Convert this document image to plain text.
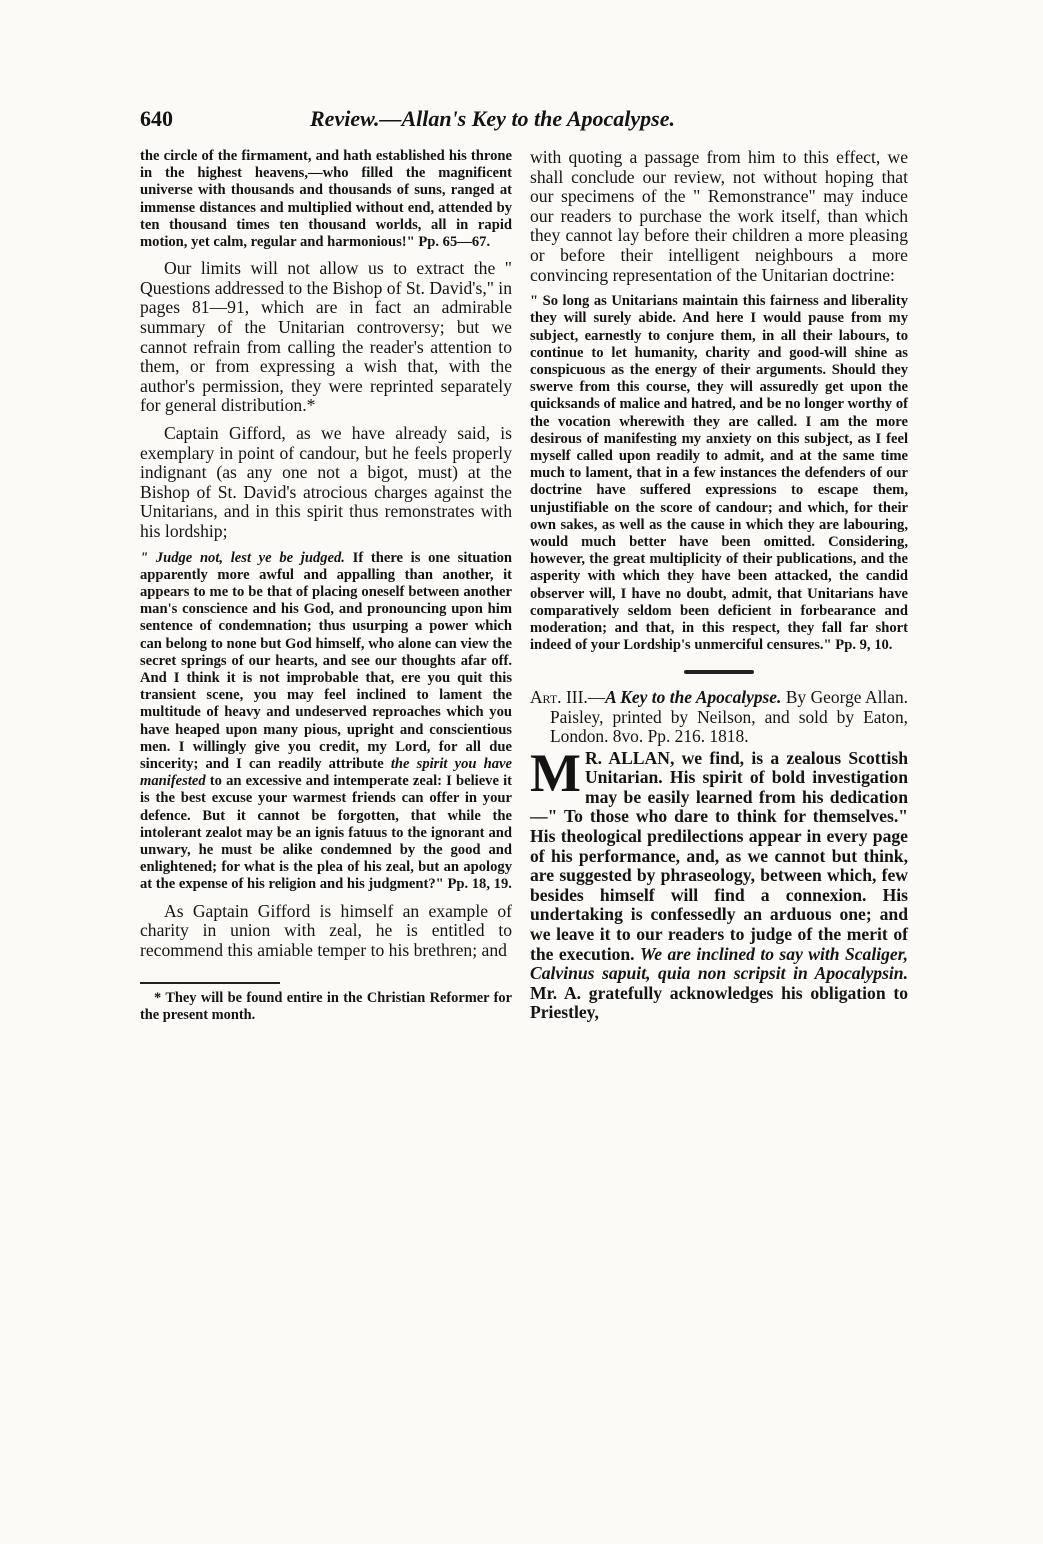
640	Review.—Allan's Key to the Apocalypse.

the circle of the firmament, and hath established his throne in the highest heavens,—who filled the magnificent universe with thousands and thousands of suns, ranged at immense distances and multiplied without end, attended by ten thousand times ten thousand worlds, all in rapid motion, yet calm, regular and harmonious!" Pp. 65—67.

Our limits will not allow us to extract the " Questions addressed to the Bishop of St. David's," in pages 81—91, which are in fact an admirable summary of the Unitarian controversy; but we cannot refrain from calling the reader's attention to them, or from expressing a wish that, with the author's permission, they were reprinted separately for general distribution.*

Captain Gifford, as we have already said, is exemplary in point of candour, but he feels properly indignant (as any one not a bigot, must) at the Bishop of St. David's atrocious charges against the Unitarians, and in this spirit thus remonstrates with his lordship;

" Judge not, lest ye be judged. If there is one situation apparently more awful and appalling than another, it appears to me to be that of placing oneself between another man's conscience and his God, and pronouncing upon him sentence of condemnation; thus usurping a power which can belong to none but God himself, who alone can view the secret springs of our hearts, and see our thoughts afar off. And I think it is not improbable that, ere you quit this transient scene, you may feel inclined to lament the multitude of heavy and undeserved reproaches which you have heaped upon many pious, upright and conscientious men. I willingly give you credit, my Lord, for all due sincerity; and I can readily attribute the spirit you have manifested to an excessive and intemperate zeal: I believe it is the best excuse your warmest friends can offer in your defence. But it cannot be forgotten, that while the intolerant zealot may be an ignis fatuus to the ignorant and unwary, he must be alike condemned by the good and enlightened; for what is the plea of his zeal, but an apology at the expense of his religion and his judgment?" Pp. 18, 19.

As Gaptain Gifford is himself an example of charity in union with zeal, he is entitled to recommend this amiable temper to his brethren; and

* They will be found entire in the Christian Reformer for the present month.

with quoting a passage from him to this effect, we shall conclude our review, not without hoping that our specimens of the " Remonstrance" may induce our readers to purchase the work itself, than which they cannot lay before their children a more pleasing or before their intelligent neighbours a more convincing representation of the Unitarian doctrine:

" So long as Unitarians maintain this fairness and liberality they will surely abide. And here I would pause from my subject, earnestly to conjure them, in all their labours, to continue to let humanity, charity and good-will shine as conspicuous as the energy of their arguments. Should they swerve from this course, they will assuredly get upon the quicksands of malice and hatred, and be no longer worthy of the vocation wherewith they are called. I am the more desirous of manifesting my anxiety on this subject, as I feel myself called upon readily to admit, and at the same time much to lament, that in a few instances the defenders of our doctrine have suffered expressions to escape them, unjustifiable on the score of candour; and which, for their own sakes, as well as the cause in which they are labouring, would much better have been omitted. Considering, however, the great multiplicity of their publications, and the asperity with which they have been attacked, the candid observer will, I have no doubt, admit, that Unitarians have comparatively seldom been deficient in forbearance and moderation; and that, in this respect, they fall far short indeed of your Lordship's unmerciful censures." Pp. 9, 10.

Art. III.—A Key to the Apocalypse. By George Allan. Paisley, printed by Neilson, and sold by Eaton, London. 8vo. Pp. 216. 1818.

M R. ALLAN, we find, is a zealous Scottish Unitarian. His spirit of bold investigation may be easily learned from his dedication—" To those who dare to think for themselves." His theological predilections appear in every page of his performance, and, as we cannot but think, are suggested by phraseology, between which, few besides himself will find a connexion. His undertaking is confessedly an arduous one; and we leave it to our readers to judge of the merit of the execution. We are inclined to say with Scaliger, Calvinus sapuit, quia non scripsit in Apocalypsin. Mr. A. gratefully acknowledges his obligation to Priestley,
